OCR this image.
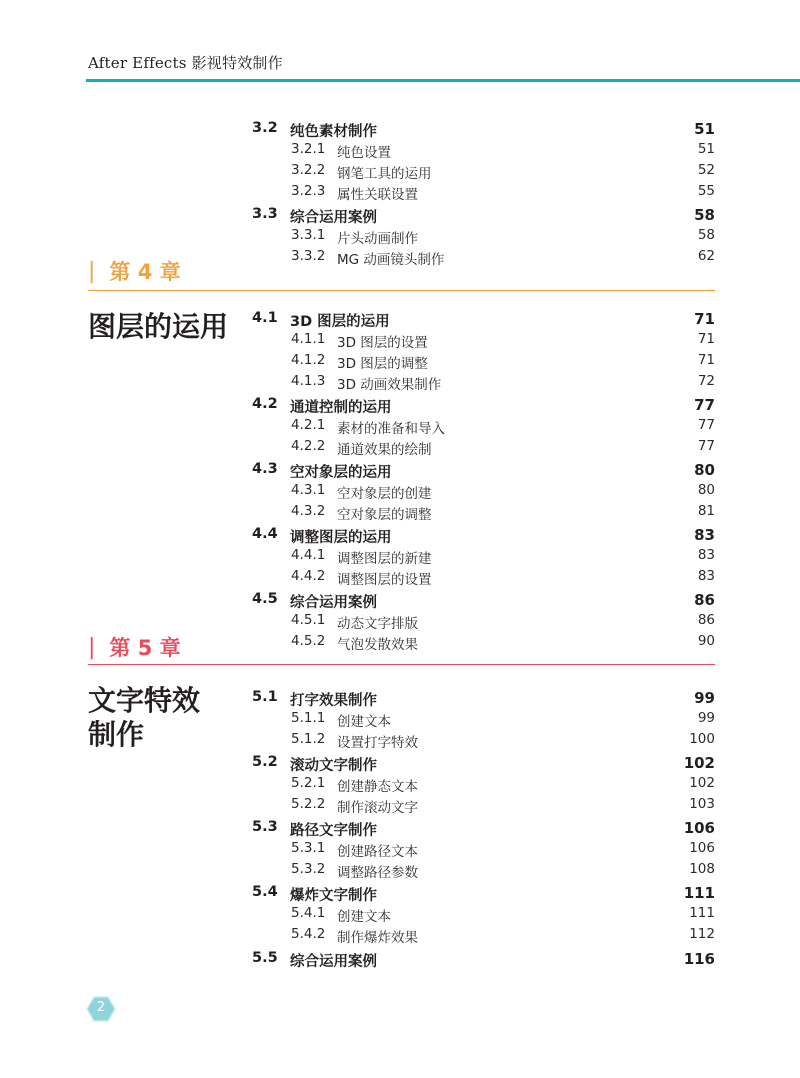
After Effects 影视特效制作
| 第 4 章
图层的运用
| 第 5 章
文字特效
制作
3.2 纯色素材制作	51
3.2.1 纯色设置	51
3.2.2 钢笔工具的运用	52
3.2.3 属性关联设置	55
3.3 综合运用案例	58
3.3.1 片头动画制作	58
3.3.2 MG 动画镜头制作	62
4.1 3D 图层的运用	71
4.1.1 3D 图层的设置	71
4.1.2 3D 图层的调整	71
4.1.3 3D 动画效果制作	72
4.2 通道控制的运用	77
4.2.1 素材的准备和导入	77
4.2.2 通道效果的绘制	77
4.3 空对象层的运用	80
4.3.1 空对象层的创建	80
4.3.2 空对象层的调整	81
4.4 调整图层的运用	83
4.4.1 调整图层的新建	83
4.4.2 调整图层的设置	83
4.5 综合运用案例	86
4.5.1 动态文字排版	86
4.5.2 气泡发散效果	90
5.1 打字效果制作	99
5.1.1 创建文本	99
5.1.2 设置打字特效	100
5.2 滚动文字制作	102
5.2.1 创建静态文本	102
5.2.2 制作滚动文字	103
5.3 路径文字制作	106
5.3.1 创建路径文本	106
5.3.2 调整路径参数	108
5.4 爆炸文字制作	111
5.4.1 创建文本	111
5.4.2 制作爆炸效果	112
5.5 综合运用案例	116
2
